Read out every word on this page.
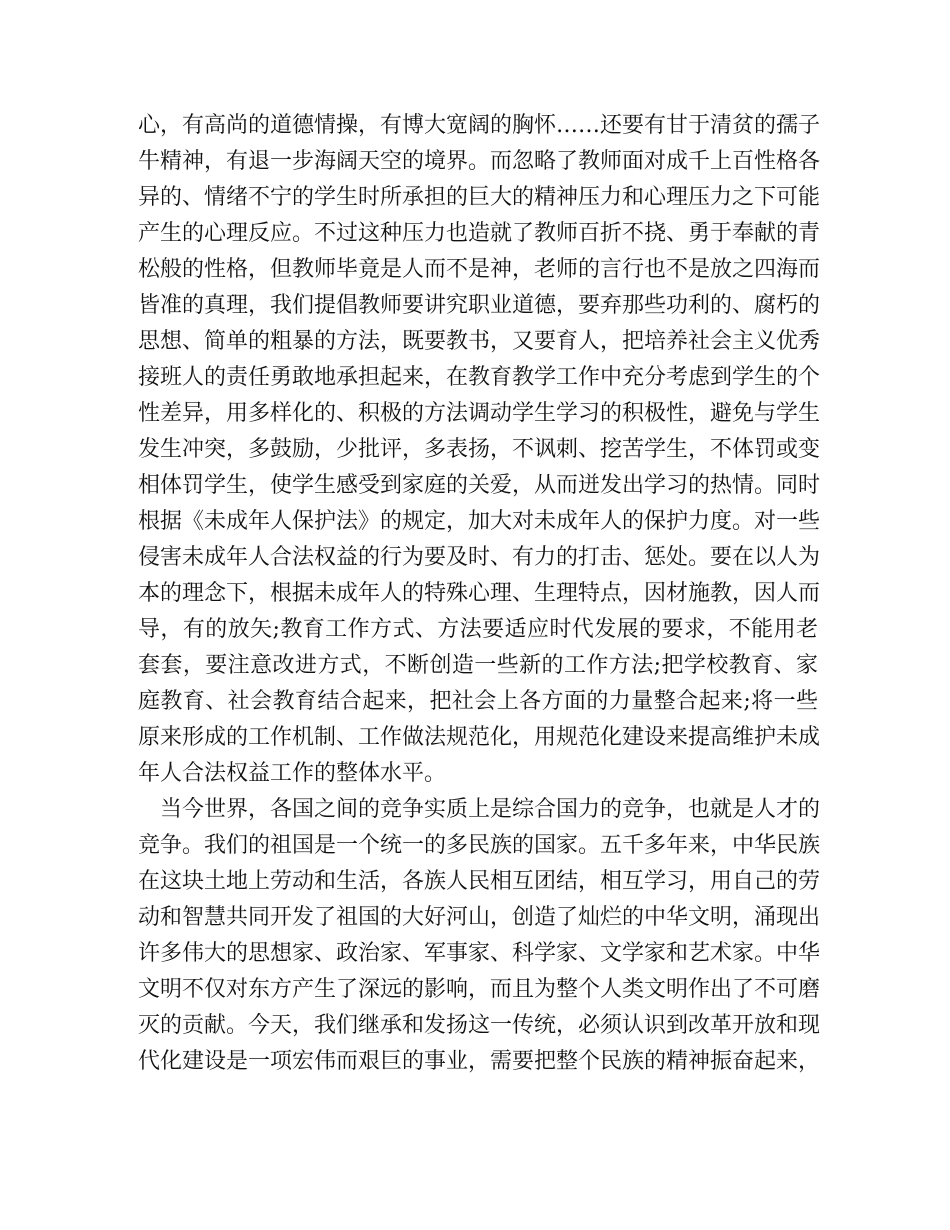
心，有高尚的道德情操，有博大宽阔的胸怀……还要有甘于清贫的孺子
牛精神，有退一步海阔天空的境界。而忽略了教师面对成千上百性格各
异的、情绪不宁的学生时所承担的巨大的精神压力和心理压力之下可能
产生的心理反应。不过这种压力也造就了教师百折不挠、勇于奉献的青
松般的性格，但教师毕竟是人而不是神，老师的言行也不是放之四海而
皆准的真理，我们提倡教师要讲究职业道德，要弃那些功利的、腐朽的
思想、简单的粗暴的方法，既要教书，又要育人，把培养社会主义优秀
接班人的责任勇敢地承担起来，在教育教学工作中充分考虑到学生的个
性差异，用多样化的、积极的方法调动学生学习的积极性，避免与学生
发生冲突，多鼓励，少批评，多表扬，不讽刺、挖苦学生，不体罚或变
相体罚学生，使学生感受到家庭的关爱，从而迸发出学习的热情。同时
根据《未成年人保护法》的规定，加大对未成年人的保护力度。对一些
侵害未成年人合法权益的行为要及时、有力的打击、惩处。要在以人为
本的理念下，根据未成年人的特殊心理、生理特点，因材施教，因人而
导，有的放矢;教育工作方式、方法要适应时代发展的要求，不能用老
套套，要注意改进方式，不断创造一些新的工作方法;把学校教育、家
庭教育、社会教育结合起来，把社会上各方面的力量整合起来;将一些
原来形成的工作机制、工作做法规范化，用规范化建设来提高维护未成
年人合法权益工作的整体水平。
当今世界，各国之间的竞争实质上是综合国力的竞争，也就是人才的
竞争。我们的祖国是一个统一的多民族的国家。五千多年来，中华民族
在这块土地上劳动和生活，各族人民相互团结，相互学习，用自己的劳
动和智慧共同开发了祖国的大好河山，创造了灿烂的中华文明，涌现出
许多伟大的思想家、政治家、军事家、科学家、文学家和艺术家。中华
文明不仅对东方产生了深远的影响，而且为整个人类文明作出了不可磨
灭的贡献。今天，我们继承和发扬这一传统，必须认识到改革开放和现
代化建设是一项宏伟而艰巨的事业，需要把整个民族的精神振奋起来，
